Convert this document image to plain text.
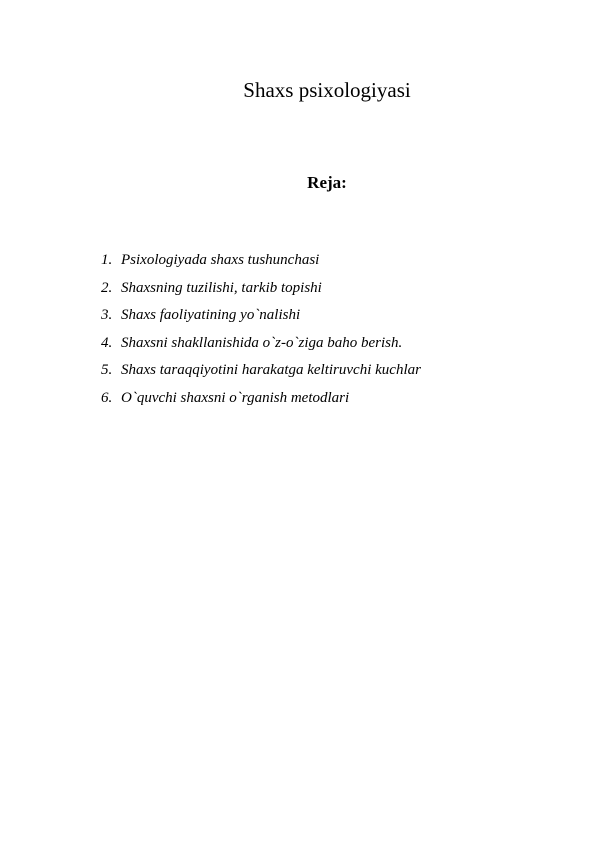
Shaxs psixologiyasi
Reja:
1. Psixologiyada shaxs tushunchasi
2. Shaxsning tuzilishi, tarkib topishi
3. Shaxs faoliyatining yo`nalishi
4. Shaxsni shakllanishida o`z-o`ziga baho berish.
5. Shaxs taraqqiyotini harakatga keltiruvchi kuchlar
6. O`quvchi shaxsni o`rganish metodlari
